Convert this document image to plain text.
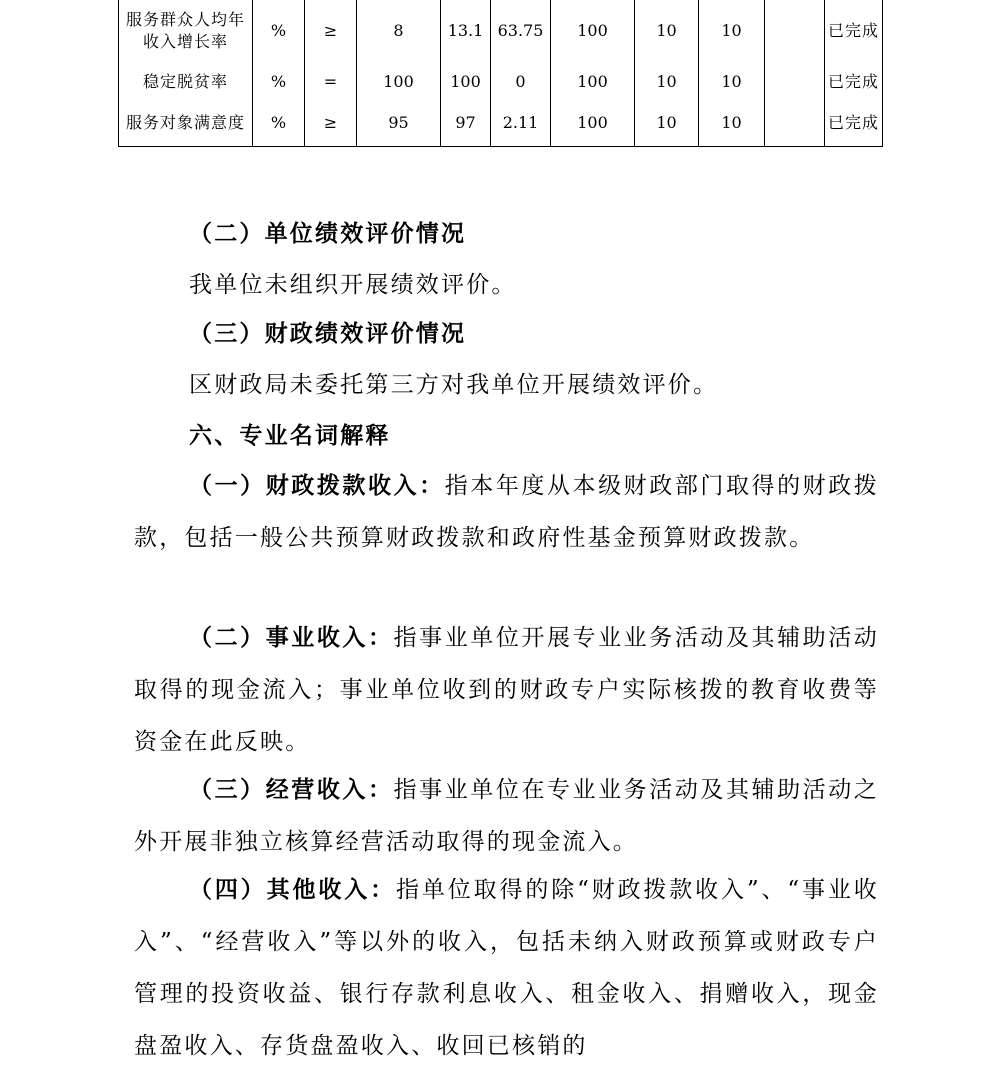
服务群众人均年收入增长率	%	≥	8	13.1	63.75	100	10	10		已完成
稳定脱贫率	%	=	100	100	0	100	10	10		已完成
服务对象满意度	%	≥	95	97	2.11	100	10	10		已完成

（二）单位绩效评价情况

我单位未组织开展绩效评价。

（三）财政绩效评价情况

区财政局未委托第三方对我单位开展绩效评价。

六、专业名词解释

（一）财政拨款收入：指本年度从本级财政部门取得的财政拨款，包括一般公共预算财政拨款和政府性基金预算财政拨款。

（二）事业收入：指事业单位开展专业业务活动及其辅助活动取得的现金流入；事业单位收到的财政专户实际核拨的教育收费等资金在此反映。

（三）经营收入：指事业单位在专业业务活动及其辅助活动之外开展非独立核算经营活动取得的现金流入。

（四）其他收入：指单位取得的除“财政拨款收入”、“事业收入”、“经营收入”等以外的收入，包括未纳入财政预算或财政专户管理的投资收益、银行存款利息收入、租金收入、捐赠收入，现金盘盈收入、存货盘盈收入、收回已核销的
